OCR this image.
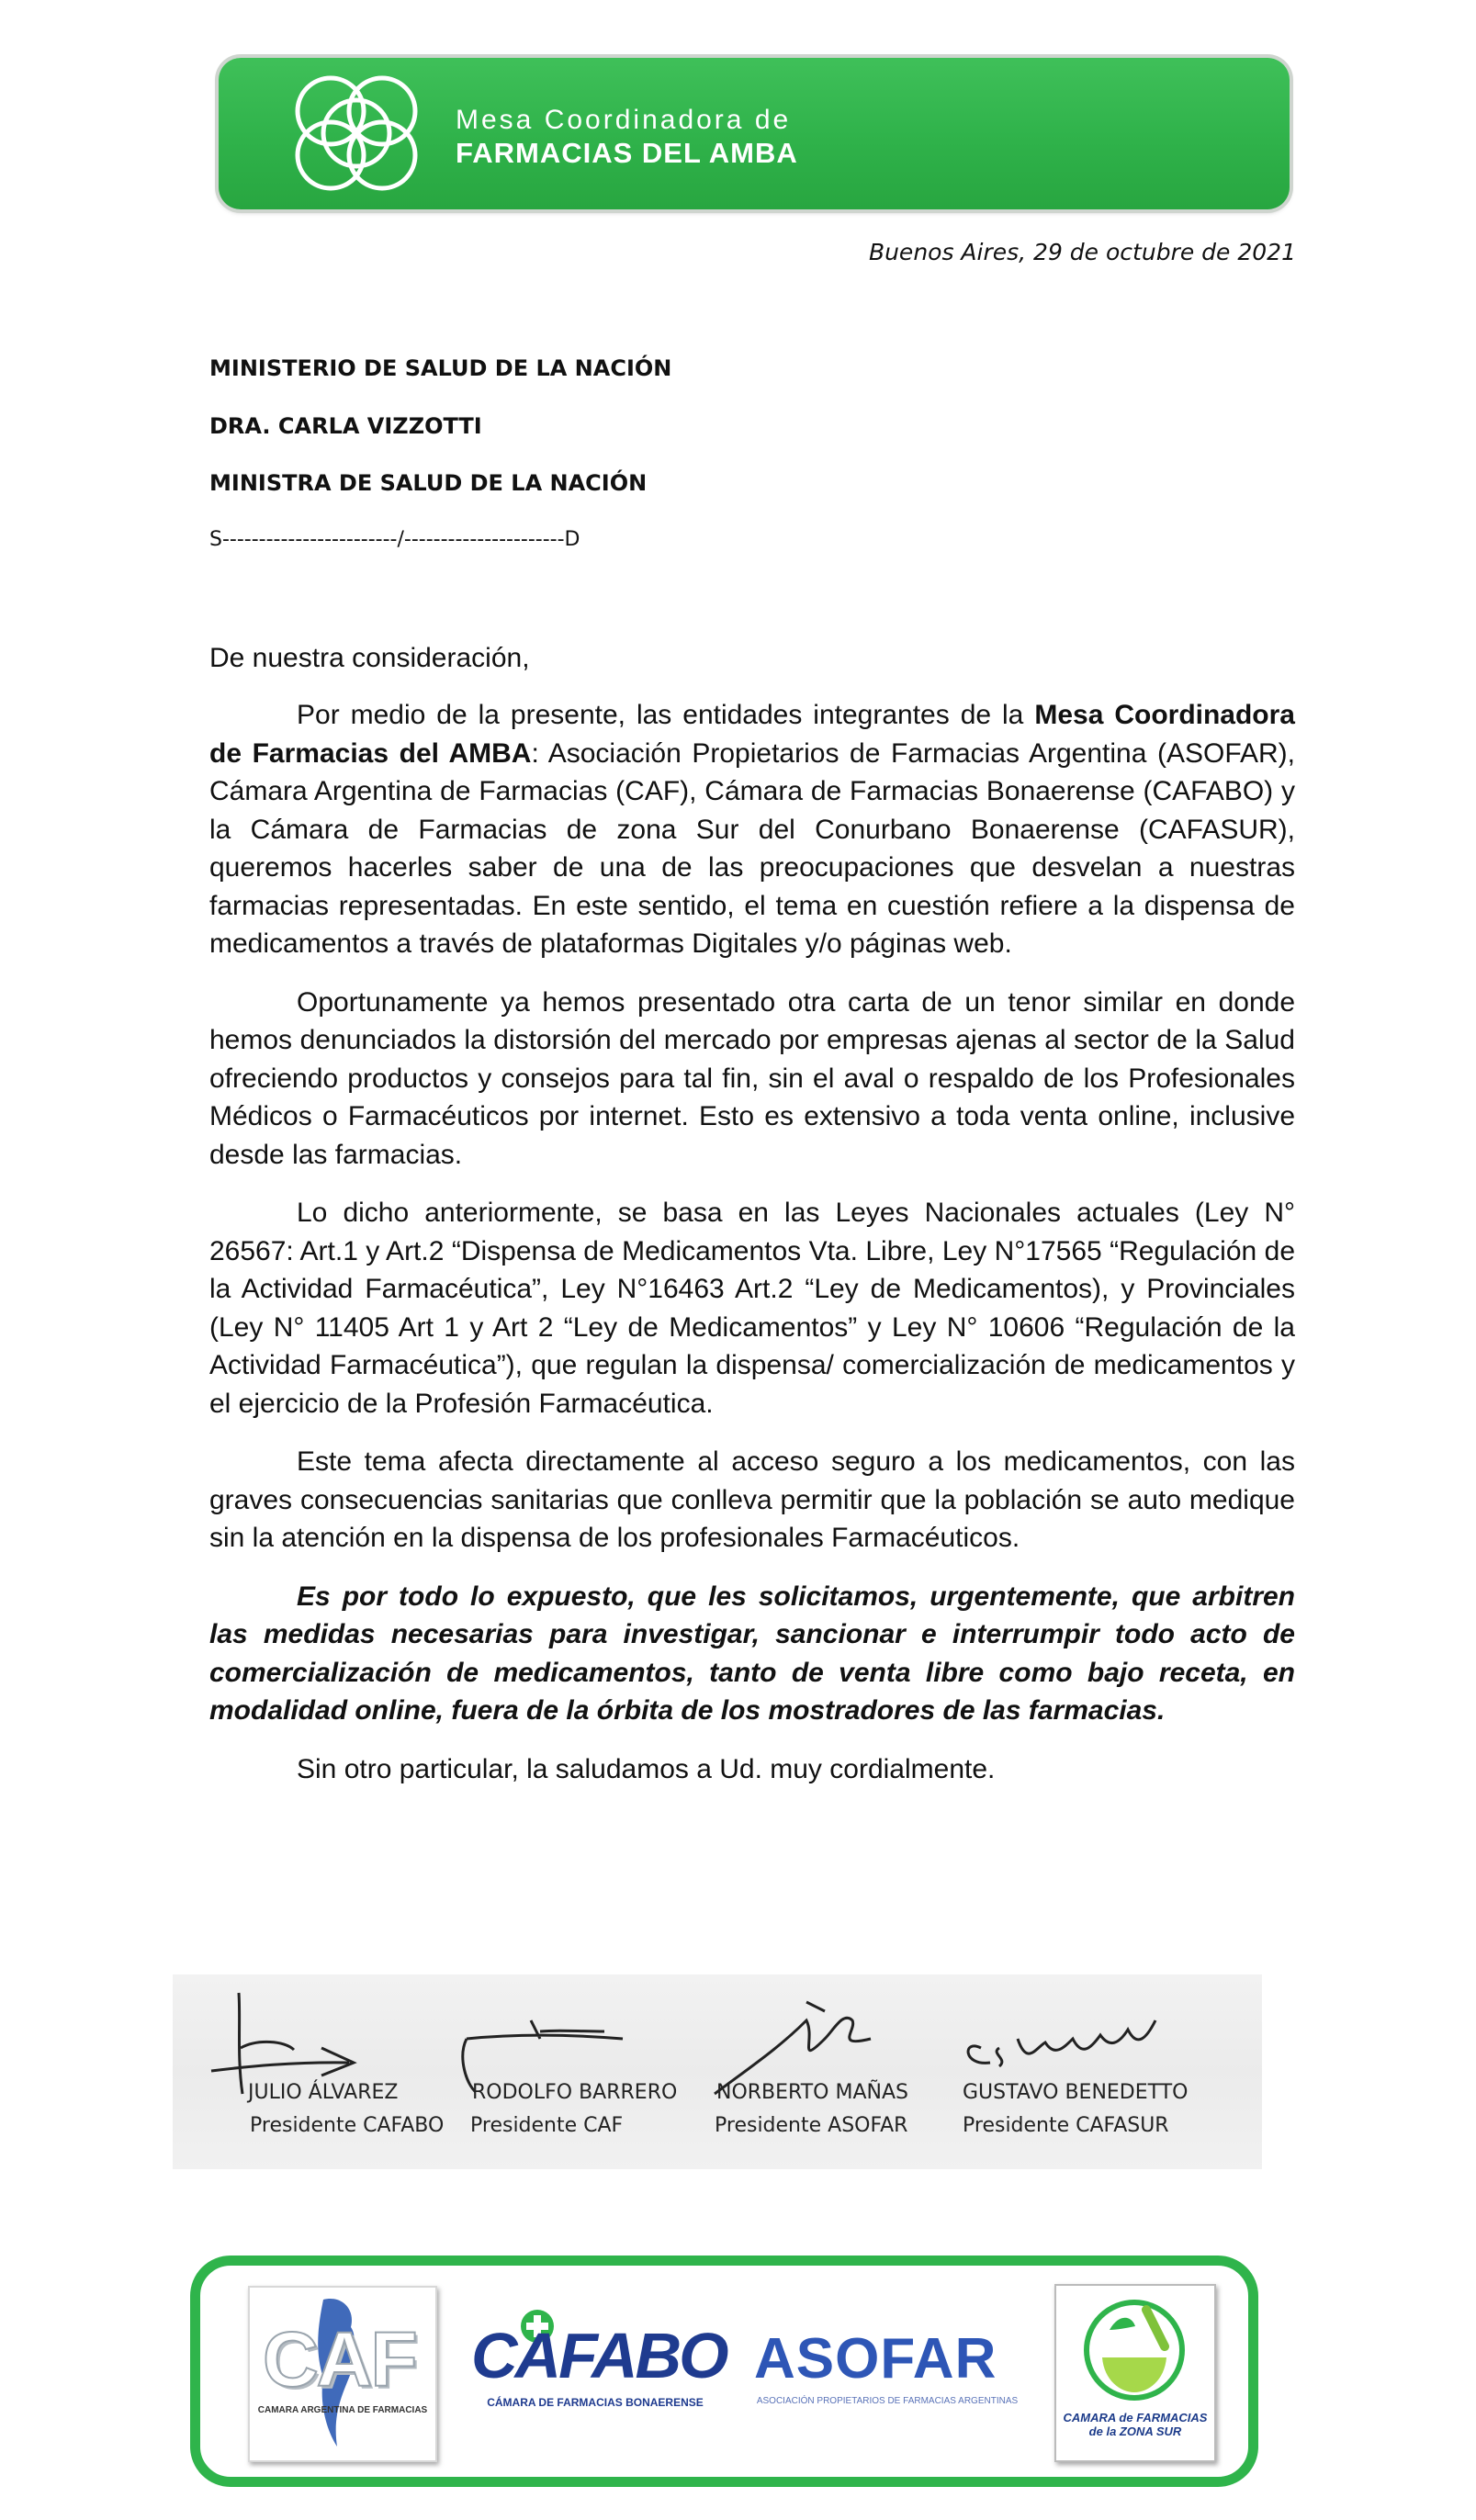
Mesa Coordinadora de
FARMACIAS DEL AMBA
Buenos Aires, 29 de octubre de 2021
MINISTERIO DE SALUD DE LA NACIÓN
DRA. CARLA VIZZOTTI
MINISTRA DE SALUD DE LA NACIÓN
S------------------------/----------------------D
De nuestra consideración,

Por medio de la presente, las entidades integrantes de la Mesa Coordinadora de Farmacias del AMBA: Asociación Propietarios de Farmacias Argentina (ASOFAR), Cámara Argentina de Farmacias (CAF), Cámara de Farmacias Bonaerense (CAFABO) y la Cámara de Farmacias de zona Sur del Conurbano Bonaerense (CAFASUR), queremos hacerles saber de una de las preocupaciones que desvelan a nuestras farmacias representadas. En este sentido, el tema en cuestión refiere a la dispensa de medicamentos a través de plataformas Digitales y/o páginas web.

Oportunamente ya hemos presentado otra carta de un tenor similar en donde hemos denunciados la distorsión del mercado por empresas ajenas al sector de la Salud ofreciendo productos y consejos para tal fin, sin el aval o respaldo de los Profesionales Médicos o Farmacéuticos por internet. Esto es extensivo a toda venta online, inclusive desde las farmacias.

Lo dicho anteriormente, se basa en las Leyes Nacionales actuales (Ley N° 26567: Art.1 y Art.2 “Dispensa de Medicamentos Vta. Libre, Ley N°17565 “Regulación de la Actividad Farmacéutica”, Ley N°16463 Art.2 “Ley de Medicamentos), y Provinciales (Ley N° 11405 Art 1 y Art 2 “Ley de Medicamentos” y Ley N° 10606 “Regulación de la Actividad Farmacéutica”), que regulan la dispensa/ comercialización de medicamentos y el ejercicio de la Profesión Farmacéutica.

Este tema afecta directamente al acceso seguro a los medicamentos, con las graves consecuencias sanitarias que conlleva permitir que la población se auto medique sin la atención en la dispensa de los profesionales Farmacéuticos.

Es por todo lo expuesto, que les solicitamos, urgentemente, que arbitren las medidas necesarias para investigar, sancionar e interrumpir todo acto de comercialización de medicamentos, tanto de venta libre como bajo receta, en modalidad online, fuera de la órbita de los mostradores de las farmacias.

Sin otro particular, la saludamos a Ud. muy cordialmente.

JULIO ÁLVAREZ
Presidente CAFABO
RODOLFO BARRERO
Presidente CAF
NORBERTO MAÑAS
Presidente ASOFAR
GUSTAVO BENEDETTO
Presidente CAFASUR
CAF
CAMARA ARGENTINA DE FARMACIAS
CAFABO
CÁMARA DE FARMACIAS BONAERENSE
ASOFAR
ASOCIACIÓN PROPIETARIOS DE FARMACIAS ARGENTINAS
CAMARA de FARMACIAS
de la ZONA SUR
